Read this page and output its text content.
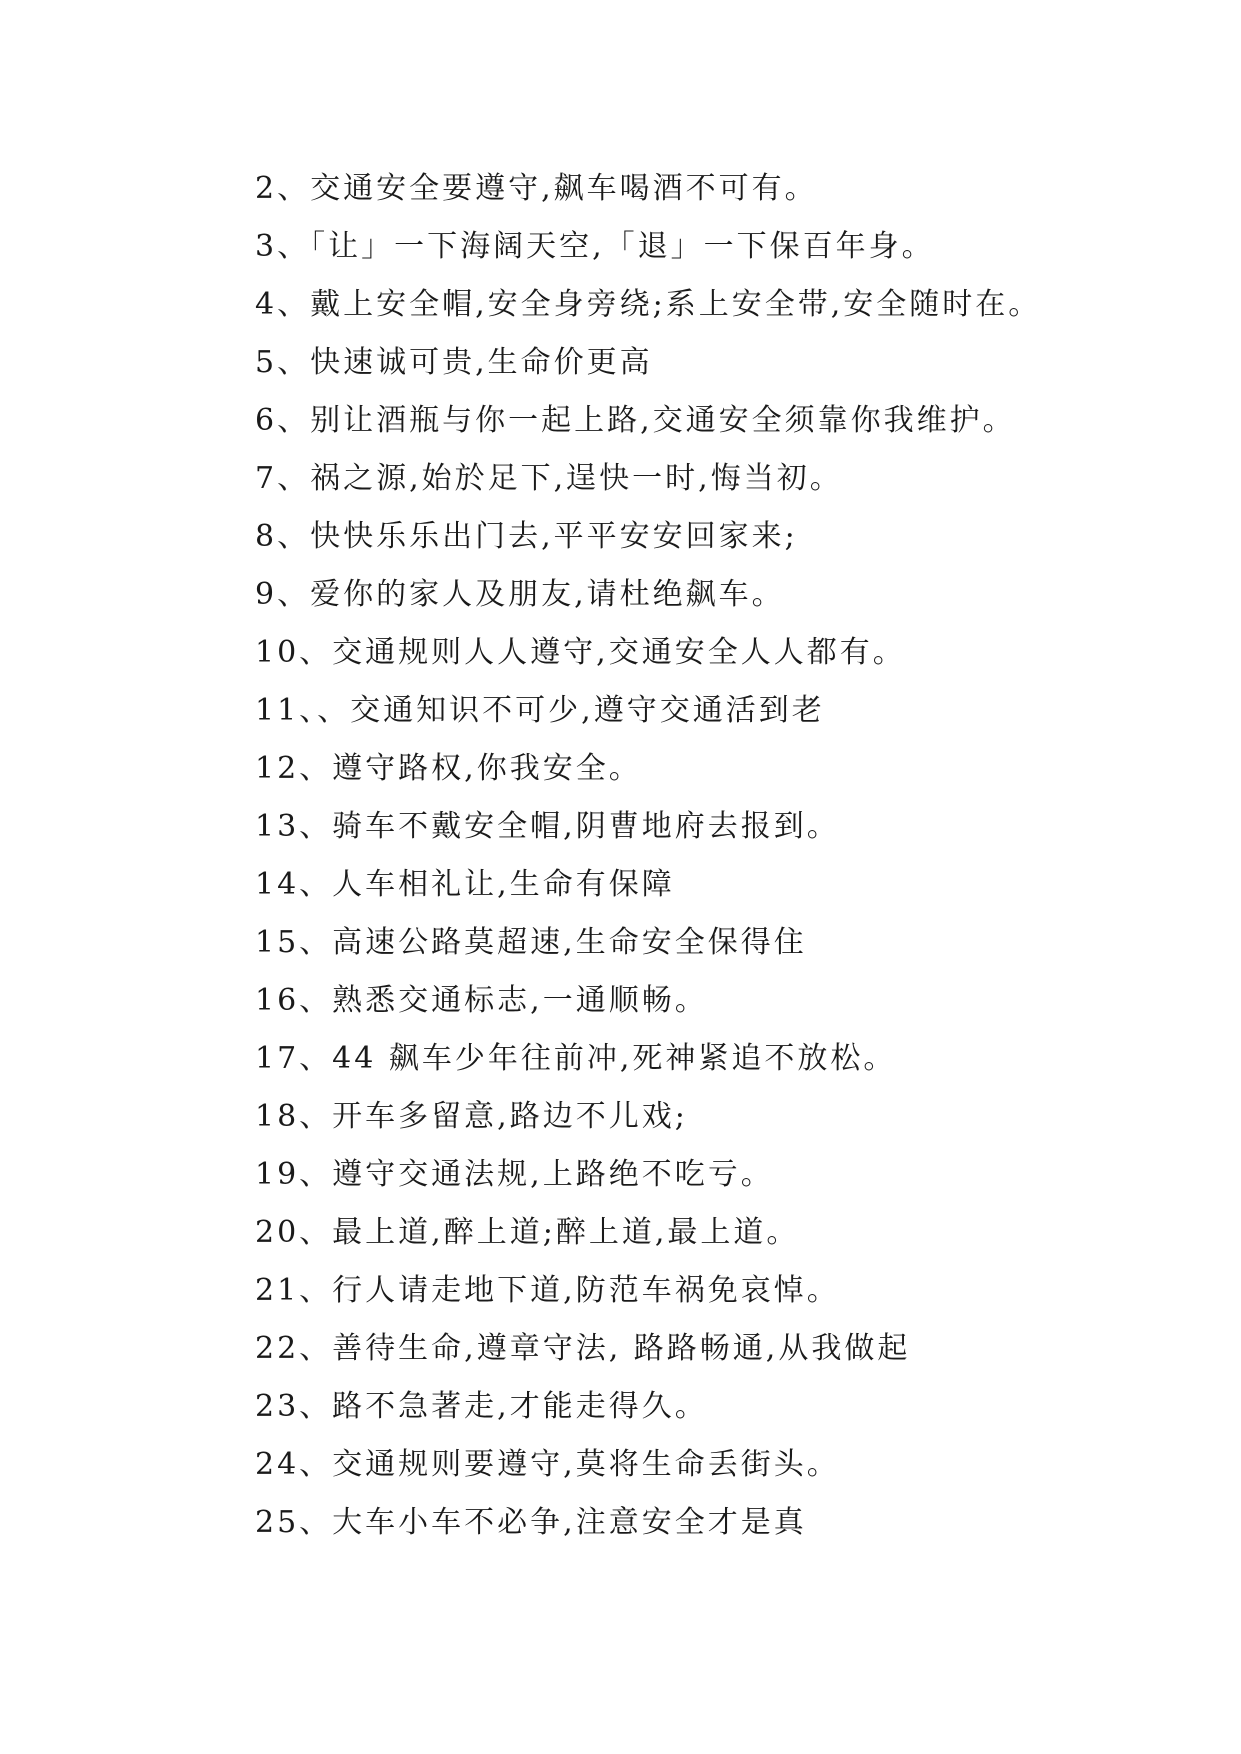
2、交通安全要遵守,飙车喝酒不可有。
3、「让」一下海阔天空,「退」一下保百年身。
4、戴上安全帽,安全身旁绕;系上安全带,安全随时在。
5、快速诚可贵,生命价更高
6、别让酒瓶与你一起上路,交通安全须靠你我维护。
7、祸之源,始於足下,逞快一时,悔当初。
8、快快乐乐出门去,平平安安回家来;
9、爱你的家人及朋友,请杜绝飙车。
10、交通规则人人遵守,交通安全人人都有。
11、、交通知识不可少,遵守交通活到老
12、遵守路权,你我安全。
13、骑车不戴安全帽,阴曹地府去报到。
14、人车相礼让,生命有保障
15、高速公路莫超速,生命安全保得住
16、熟悉交通标志,一通顺畅。
17、44 飙车少年往前冲,死神紧追不放松。
18、开车多留意,路边不儿戏;
19、遵守交通法规,上路绝不吃亏。
20、最上道,醉上道;醉上道,最上道。
21、行人请走地下道,防范车祸免哀悼。
22、善待生命,遵章守法, 路路畅通,从我做起
23、路不急著走,才能走得久。
24、交通规则要遵守,莫将生命丢街头。
25、大车小车不必争,注意安全才是真
